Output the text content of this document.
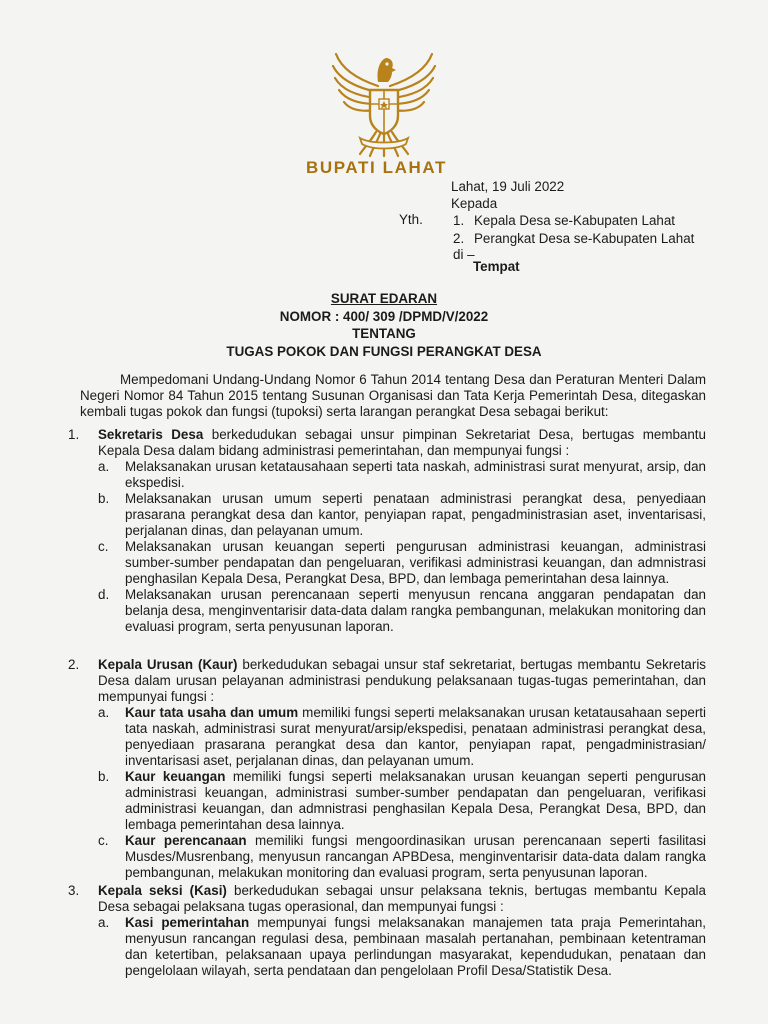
BUPATI LAHAT
Lahat, 19 Juli 2022
Kepada
Yth. 1. Kepala Desa se-Kabupaten Lahat
2. Perangkat Desa se-Kabupaten Lahat
di –
Tempat
SURAT EDARAN
NOMOR : 400/ 309 /DPMD/V/2022
TENTANG
TUGAS POKOK DAN FUNGSI PERANGKAT DESA

Mempedomani Undang-Undang Nomor 6 Tahun 2014 tentang Desa dan Peraturan Menteri Dalam Negeri Nomor 84 Tahun 2015 tentang Susunan Organisasi dan Tata Kerja Pemerintah Desa, ditegaskan kembali tugas pokok dan fungsi (tupoksi) serta larangan perangkat Desa sebagai berikut:

1. Sekretaris Desa berkedudukan sebagai unsur pimpinan Sekretariat Desa, bertugas membantu Kepala Desa dalam bidang administrasi pemerintahan, dan mempunyai fungsi :
a. Melaksanakan urusan ketatausahaan seperti tata naskah, administrasi surat menyurat, arsip, dan ekspedisi.
b. Melaksanakan urusan umum seperti penataan administrasi perangkat desa, penyediaan prasarana perangkat desa dan kantor, penyiapan rapat, pengadministrasian aset, inventarisasi, perjalanan dinas, dan pelayanan umum.
c. Melaksanakan urusan keuangan seperti pengurusan administrasi keuangan, administrasi sumber-sumber pendapatan dan pengeluaran, verifikasi administrasi keuangan, dan admnistrasi penghasilan Kepala Desa, Perangkat Desa, BPD, dan lembaga pemerintahan desa lainnya.
d. Melaksanakan urusan perencanaan seperti menyusun rencana anggaran pendapatan dan belanja desa, menginventarisir data-data dalam rangka pembangunan, melakukan monitoring dan evaluasi program, serta penyusunan laporan.
2. Kepala Urusan (Kaur) berkedudukan sebagai unsur staf sekretariat, bertugas membantu Sekretaris Desa dalam urusan pelayanan administrasi pendukung pelaksanaan tugas-tugas pemerintahan, dan mempunyai fungsi :
a. Kaur tata usaha dan umum memiliki fungsi seperti melaksanakan urusan ketatausahaan seperti tata naskah, administrasi surat menyurat/arsip/ekspedisi, penataan administrasi perangkat desa, penyediaan prasarana perangkat desa dan kantor, penyiapan rapat, pengadministrasian/ inventarisasi aset, perjalanan dinas, dan pelayanan umum.
b. Kaur keuangan memiliki fungsi seperti melaksanakan urusan keuangan seperti pengurusan administrasi keuangan, administrasi sumber-sumber pendapatan dan pengeluaran, verifikasi administrasi keuangan, dan admnistrasi penghasilan Kepala Desa, Perangkat Desa, BPD, dan lembaga pemerintahan desa lainnya.
c. Kaur perencanaan memiliki fungsi mengoordinasikan urusan perencanaan seperti fasilitasi Musdes/Musrenbang, menyusun rancangan APBDesa, menginventarisir data-data dalam rangka pembangunan, melakukan monitoring dan evaluasi program, serta penyusunan laporan.
3. Kepala seksi (Kasi) berkedudukan sebagai unsur pelaksana teknis, bertugas membantu Kepala Desa sebagai pelaksana tugas operasional, dan mempunyai fungsi :
a. Kasi pemerintahan mempunyai fungsi melaksanakan manajemen tata praja Pemerintahan, menyusun rancangan regulasi desa, pembinaan masalah pertanahan, pembinaan ketentraman dan ketertiban, pelaksanaan upaya perlindungan masyarakat, kependudukan, penataan dan pengelolaan wilayah, serta pendataan dan pengelolaan Profil Desa/Statistik Desa.
